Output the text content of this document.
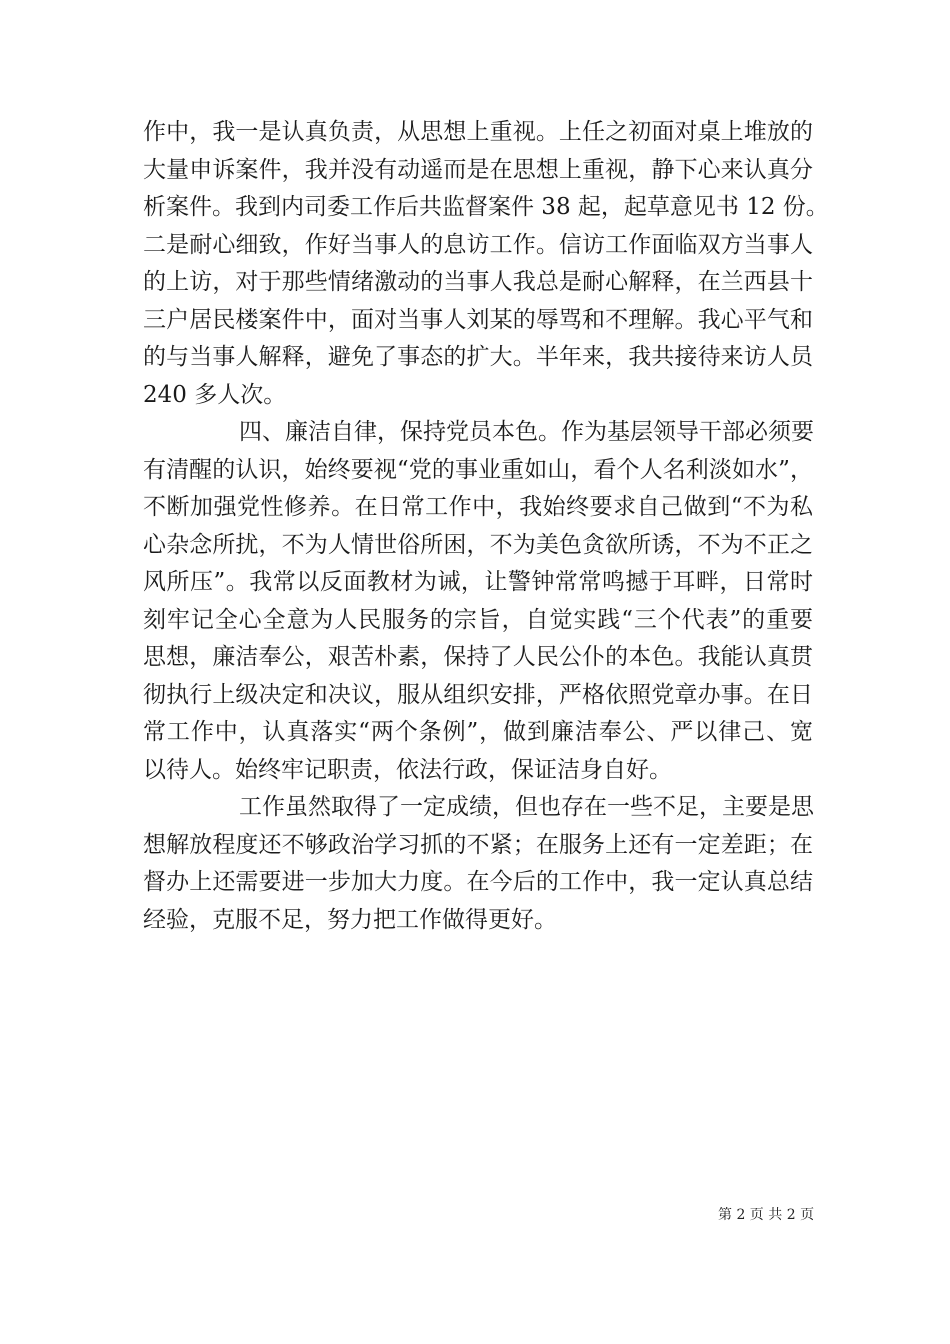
作中，我一是认真负责，从思想上重视。上任之初面对桌上堆放的
大量申诉案件，我并没有动遥而是在思想上重视，静下心来认真分
析案件。我到内司委工作后共监督案件 38 起，起草意见书 12 份。
二是耐心细致，作好当事人的息访工作。信访工作面临双方当事人
的上访，对于那些情绪激动的当事人我总是耐心解释，在兰西县十
三户居民楼案件中，面对当事人刘某的辱骂和不理解。我心平气和
的与当事人解释，避免了事态的扩大。半年来，我共接待来访人员
240 多人次。
四、廉洁自律，保持党员本色。作为基层领导干部必须要
有清醒的认识，始终要视“党的事业重如山，看个人名利淡如水”，
不断加强党性修养。在日常工作中，我始终要求自己做到“不为私
心杂念所扰，不为人情世俗所困，不为美色贪欲所诱，不为不正之
风所压”。我常以反面教材为诫，让警钟常常鸣撼于耳畔，日常时
刻牢记全心全意为人民服务的宗旨，自觉实践“三个代表”的重要
思想，廉洁奉公，艰苦朴素，保持了人民公仆的本色。我能认真贯
彻执行上级决定和决议，服从组织安排，严格依照党章办事。在日
常工作中，认真落实“两个条例”，做到廉洁奉公、严以律己、宽
以待人。始终牢记职责，依法行政，保证洁身自好。
工作虽然取得了一定成绩，但也存在一些不足，主要是思
想解放程度还不够政治学习抓的不紧；在服务上还有一定差距；在
督办上还需要进一步加大力度。在今后的工作中，我一定认真总结
经验，克服不足，努力把工作做得更好。
第 2 页 共 2 页
